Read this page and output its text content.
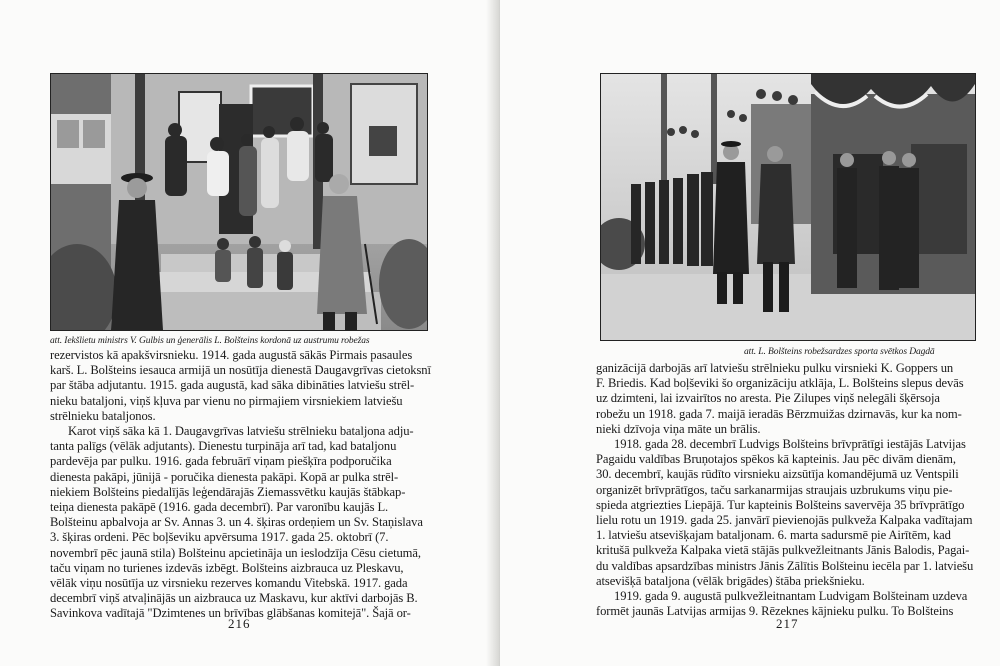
att. Iekšlietu ministrs V. Gulbis un ģenerālis L. Bolšteins kordonā uz austrumu robežas
rezervistos kā apakšvirsnieku. 1914. gada augustā sākās Pirmais pasaules
karš. L. Bolšteins iesauca armijā un nosūtīja dienestā Daugavgrīvas cietoksnī
par štāba adjutantu. 1915. gada augustā, kad sāka dibināties latviešu strēl-
nieku bataljoni, viņš kļuva par vienu no pirmajiem virsniekiem latviešu
strēlnieku bataljonos.
Karot viņš sāka kā 1. Daugavgrīvas latviešu strēlnieku bataljona adju-
tanta palīgs (vēlāk adjutants). Dienestu turpināja arī tad, kad bataljonu
pardevēja par pulku. 1916. gada februārī viņam piešķīra podporučika
dienesta pakāpi, jūnijā - poručika dienesta pakāpi. Kopā ar pulka strēl-
niekiem Bolšteins piedalījās leģendārajās Ziemassvētku kaujās štābkap-
teiņa dienesta pakāpē (1916. gada decembrī). Par varonību kaujās L.
Bolšteinu apbalvoja ar Sv. Annas 3. un 4. šķiras ordeņiem un Sv. Staņislava
3. šķiras ordeni. Pēc boļševiku apvērsuma 1917. gada 25. oktobrī (7.
novembrī pēc jaunā stila) Bolšteinu apcietināja un ieslodzīja Cēsu cietumā,
taču viņam no turienes izdevās izbēgt. Bolšteins aizbrauca uz Pleskavu,
vēlāk viņu nosūtīja uz virsnieku rezerves komandu Vitebskā. 1917. gada
decembrī viņš atvaļinājās un aizbrauca uz Maskavu, kur aktīvi darbojās B.
Savinkova vadītajā "Dzimtenes un brīvības glābšanas komitejā". Šajā or-
216
att. L. Bolšteins robežsardzes sporta svētkos Dagdā
ganizācijā darbojās arī latviešu strēlnieku pulku virsnieki K. Goppers un
F. Briedis. Kad boļševiki šo organizāciju atklāja, L. Bolšteins slepus devās
uz dzimteni, lai izvairītos no aresta. Pie Zilupes viņš nelegāli šķērsoja
robežu un 1918. gada 7. maijā ieradās Bērzmuižas dzirnavās, kur ka nom-
nieki dzīvoja viņa māte un brālis.
1918. gada 28. decembrī Ludvigs Bolšteins brīvprātīgi iestājās Latvijas
Pagaidu valdības Bruņotajos spēkos kā kapteinis. Jau pēc divām dienām,
30. decembrī, kaujās rūdīto virsnieku aizsūtīja komandējumā uz Ventspili
organizēt brīvprātīgos, taču sarkanarmijas straujais uzbrukums viņu pie-
spieda atgriezties Liepājā. Tur kapteinis Bolšteins savervēja 35 brīvprātīgo
lielu rotu un 1919. gada 25. janvārī pievienojās pulkveža Kalpaka vadītajam
1. latviešu atsevišķajam bataljonam. 6. marta sadursmē pie Airītēm, kad
kritušā pulkveža Kalpaka vietā stājās pulkvežleitnants Jānis Balodis, Pagai-
du valdības apsardzības ministrs Jānis Zālītis Bolšteinu iecēla par 1. latviešu
atsevišķā bataljona (vēlāk brigādes) štāba priekšnieku.
1919. gada 9. augustā pulkvežleitnantam Ludvigam Bolšteinam uzdeva
formēt jaunās Latvijas armijas 9. Rēzeknes kājnieku pulku. To Bolšteins
217
